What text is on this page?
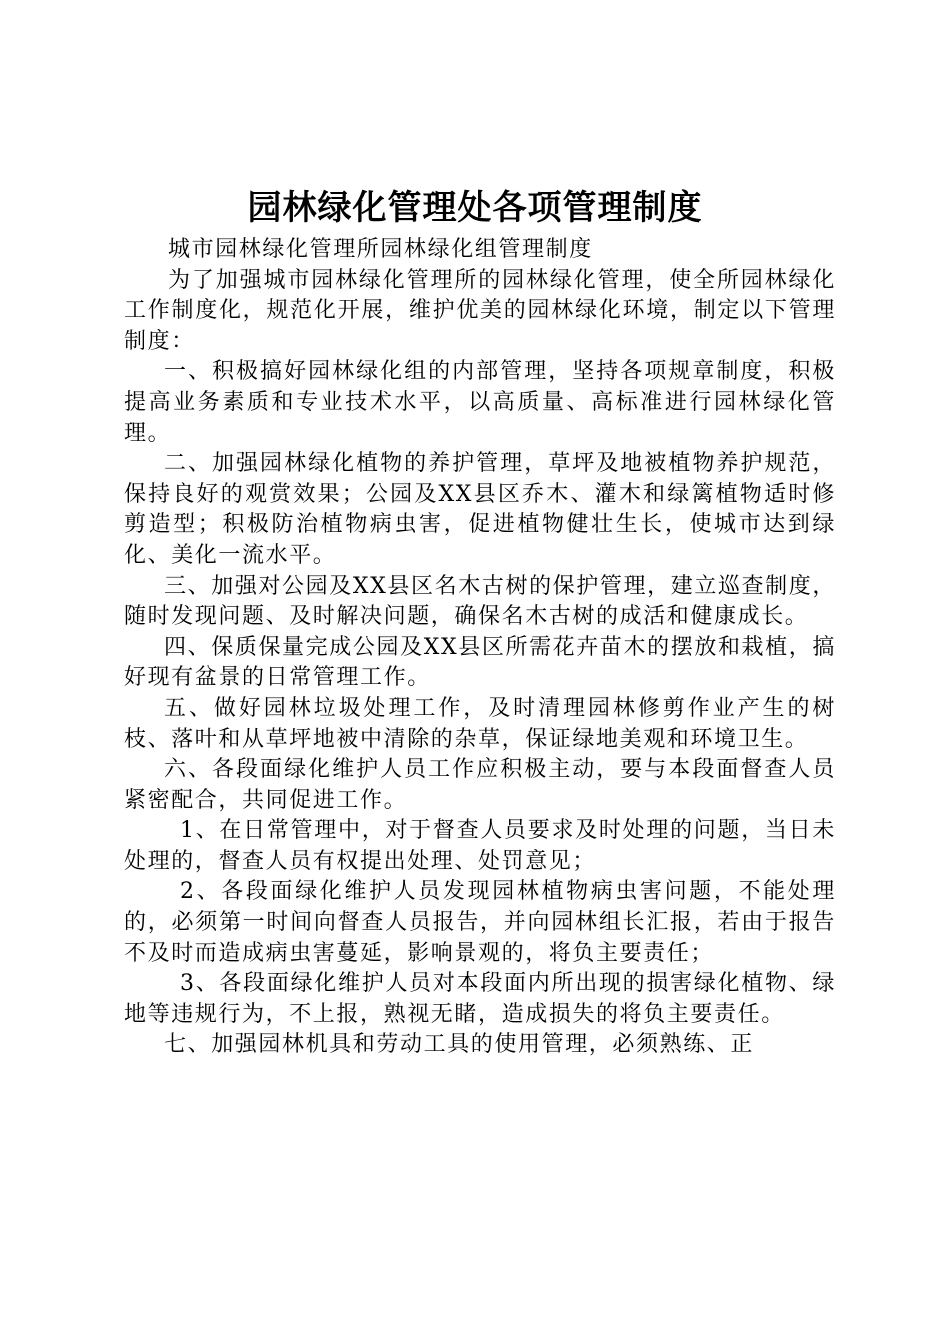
园林绿化管理处各项管理制度

城市园林绿化管理所园林绿化组管理制度

为了加强城市园林绿化管理所的园林绿化管理，使全所园林绿化工作制度化，规范化开展，维护优美的园林绿化环境，制定以下管理制度：

一、积极搞好园林绿化组的内部管理，坚持各项规章制度，积极提高业务素质和专业技术水平，以高质量、高标准进行园林绿化管理。

二、加强园林绿化植物的养护管理，草坪及地被植物养护规范，保持良好的观赏效果；公园及XX县区乔木、灌木和绿篱植物适时修剪造型；积极防治植物病虫害，促进植物健壮生长，使城市达到绿化、美化一流水平。

三、加强对公园及XX县区名木古树的保护管理，建立巡查制度，随时发现问题、及时解决问题，确保名木古树的成活和健康成长。

四、保质保量完成公园及XX县区所需花卉苗木的摆放和栽植，搞好现有盆景的日常管理工作。

五、做好园林垃圾处理工作，及时清理园林修剪作业产生的树枝、落叶和从草坪地被中清除的杂草，保证绿地美观和环境卫生。

六、各段面绿化维护人员工作应积极主动，要与本段面督查人员紧密配合，共同促进工作。

1、在日常管理中，对于督查人员要求及时处理的问题，当日未处理的，督查人员有权提出处理、处罚意见；

2、各段面绿化维护人员发现园林植物病虫害问题，不能处理的，必须第一时间向督查人员报告，并向园林组长汇报，若由于报告不及时而造成病虫害蔓延，影响景观的，将负主要责任；

3、各段面绿化维护人员对本段面内所出现的损害绿化植物、绿地等违规行为，不上报，熟视无睹，造成损失的将负主要责任。

七、加强园林机具和劳动工具的使用管理，必须熟练、正
